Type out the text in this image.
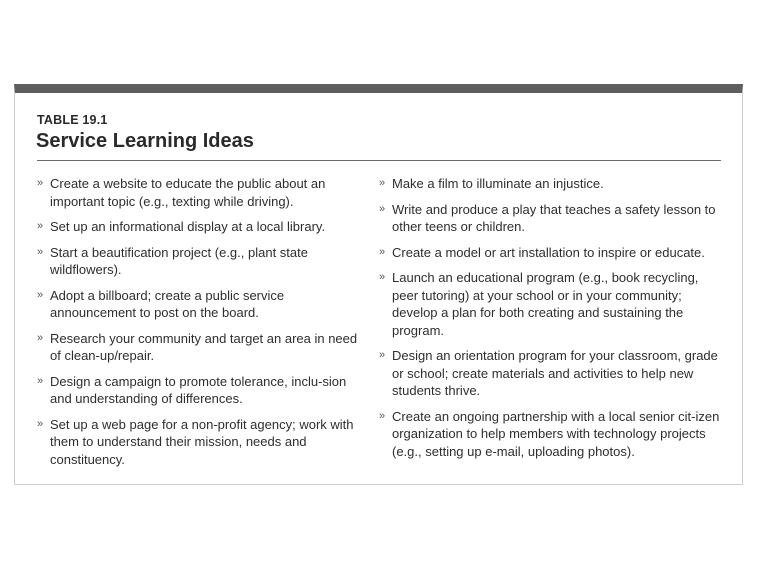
TABLE 19.1
Service Learning Ideas
» Create a website to educate the public about an important topic (e.g., texting while driving).
» Set up an informational display at a local library.
» Start a beautification project (e.g., plant state wildflowers).
» Adopt a billboard; create a public service announcement to post on the board.
» Research your community and target an area in need of clean-up/repair.
» Design a campaign to promote tolerance, inclu-sion and understanding of differences.
» Set up a web page for a non-profit agency; work with them to understand their mission, needs and constituency.
» Make a film to illuminate an injustice.
» Write and produce a play that teaches a safety lesson to other teens or children.
» Create a model or art installation to inspire or educate.
» Launch an educational program (e.g., book recycling, peer tutoring) at your school or in your community; develop a plan for both creating and sustaining the program.
» Design an orientation program for your classroom, grade or school; create materials and activities to help new students thrive.
» Create an ongoing partnership with a local senior cit-izen organization to help members with technology projects (e.g., setting up e-mail, uploading photos).
